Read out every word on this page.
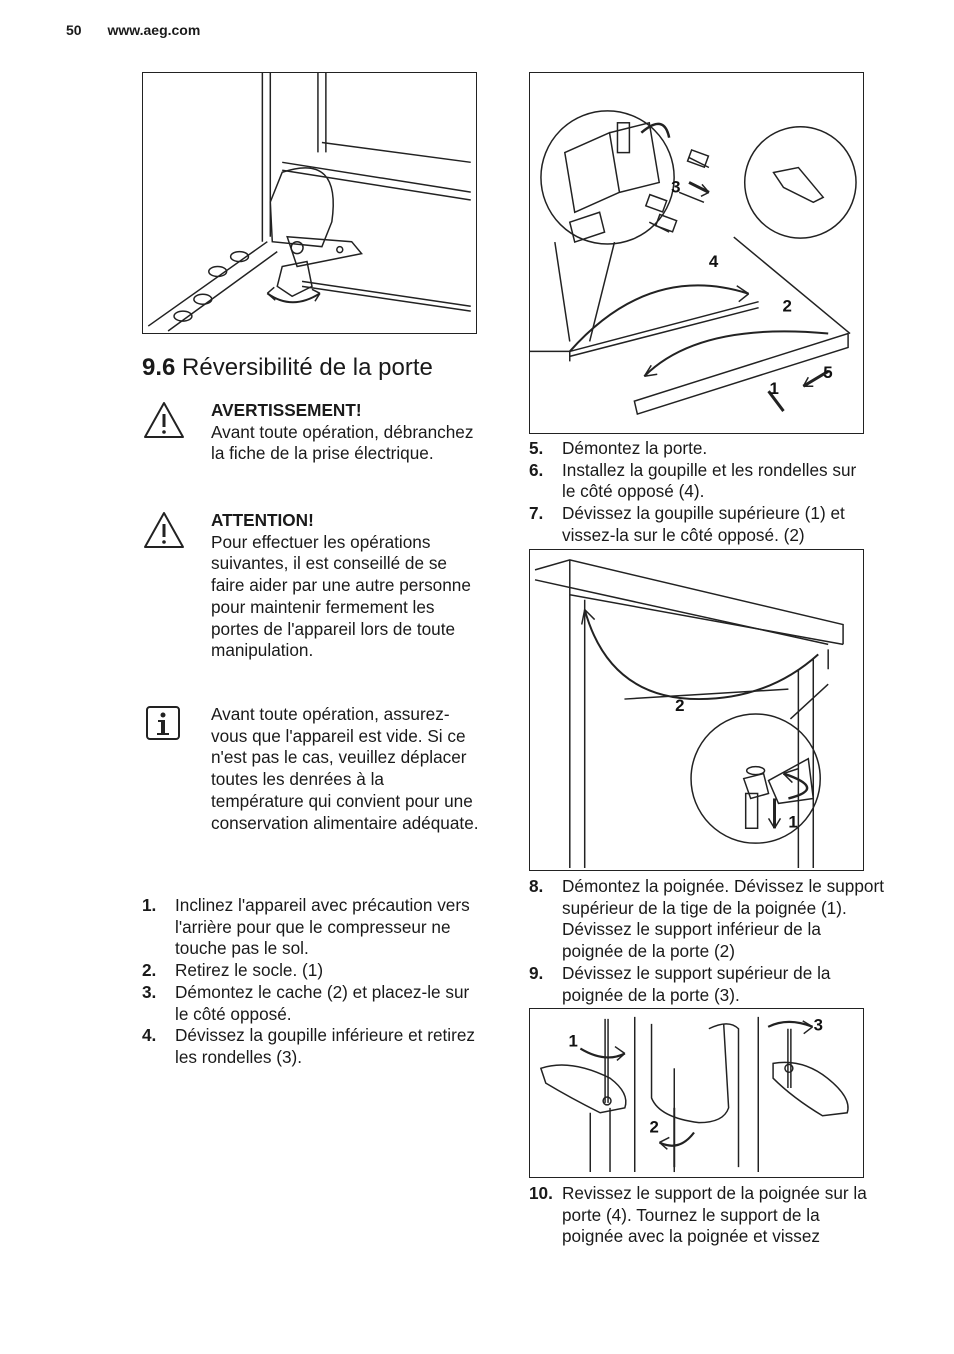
50 www.aeg.com
9.6 Réversibilité de la porte
AVERTISSEMENT!
Avant toute opération, débranchez la fiche de la prise électrique.
ATTENTION!
Pour effectuer les opérations suivantes, il est conseillé de se faire aider par une autre personne pour maintenir fermement les portes de l'appareil lors de toute manipulation.
Avant toute opération, assurez-vous que l'appareil est vide. Si ce n'est pas le cas, veuillez déplacer toutes les denrées à la température qui convient pour une conservation alimentaire adéquate.
1. Inclinez l'appareil avec précaution vers l'arrière pour que le compresseur ne touche pas le sol.
2. Retirez le socle. (1)
3. Démontez le cache (2) et placez-le sur le côté opposé.
4. Dévissez la goupille inférieure et retirez les rondelles (3).
3
4
2
1
5
5. Démontez la porte.
6. Installez la goupille et les rondelles sur le côté opposé (4).
7. Dévissez la goupille supérieure (1) et vissez-la sur le côté opposé. (2)
2
1
8. Démontez la poignée. Dévissez le support supérieur de la tige de la poignée (1). Dévissez le support inférieur de la poignée de la porte (2)
9. Dévissez le support supérieur de la poignée de la porte (3).
1
2
3
10. Revissez le support de la poignée sur la porte (4). Tournez le support de la poignée avec la poignée et vissez
